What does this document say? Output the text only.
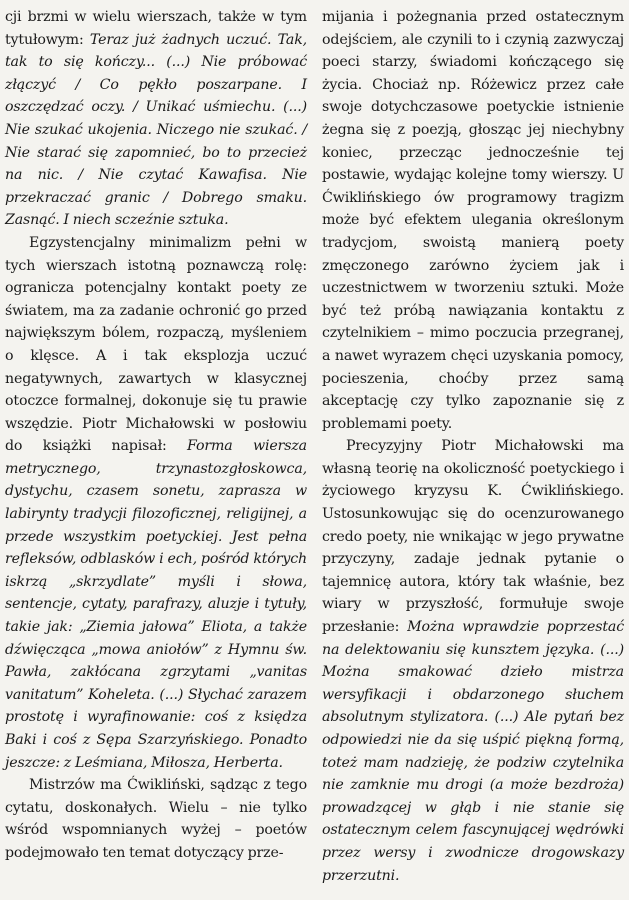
cji brzmi w wielu wierszach, także w tym tytułowym: Teraz już żadnych uczuć. Tak, tak to się kończy... (...) Nie próbować złączyć / Co pękło poszarpane. I oszczędzać oczy. / Unikać uśmiechu. (...) Nie szukać ukojenia. Niczego nie szukać. / Nie starać się zapomnieć, bo to przecież na nic. / Nie czytać Kawafisa. Nie przekraczać granic / Dobrego smaku. Zasnąć. I niech sczeźnie sztuka.

Egzystencjalny minimalizm pełni w tych wierszach istotną poznawczą rolę: ogranicza potencjalny kontakt poety ze światem, ma za zadanie ochronić go przed największym bólem, rozpaczą, myśleniem o klęsce. A i tak eksplozja uczuć negatywnych, zawartych w klasycznej otoczce formalnej, dokonuje się tu prawie wszędzie. Piotr Michałowski w posłowiu do książki napisał: Forma wiersza metrycznego, trzynastozgłoskowca, dystychu, czasem sonetu, zaprasza w labirynty tradycji filozoficznej, religijnej, a przede wszystkim poetyckiej. Jest pełna refleksów, odblasków i ech, pośród których iskrzą „skrzydlate” myśli i słowa, sentencje, cytaty, parafrazy, aluzje i tytuły, takie jak: „Ziemia jałowa” Eliota, a także dźwięcząca „mowa aniołów” z Hymnu św. Pawła, zakłócana zgrzytami „vanitas vanitatum” Koheleta. (...) Słychać zarazem prostotę i wyrafinowanie: coś z księdza Baki i coś z Sępa Szarzyńskiego. Ponadto jeszcze: z Leśmiana, Miłosza, Herberta.

Mistrzów ma Ćwikliński, sądząc z tego cytatu, doskonałych. Wielu – nie tylko wśród wspomnianych wyżej – poetów podejmowało ten temat dotyczący prze-

mijania i pożegnania przed ostatecznym odejściem, ale czynili to i czynią zazwyczaj poeci starzy, świadomi kończącego się życia. Chociaż np. Różewicz przez całe swoje dotychczasowe poetyckie istnienie żegna się z poezją, głosząc jej niechybny koniec, przecząc jednocześnie tej postawie, wydając kolejne tomy wierszy. U Ćwiklińskiego ów programowy tragizm może być efektem ulegania określonym tradycjom, swoistą manierą poety zmęczonego zarówno życiem jak i uczestnictwem w tworzeniu sztuki. Może być też próbą nawiązania kontaktu z czytelnikiem – mimo poczucia przegranej, a nawet wyrazem chęci uzyskania pomocy, pocieszenia, choćby przez samą akceptację czy tylko zapoznanie się z problemami poety.

Precyzyjny Piotr Michałowski ma własną teorię na okoliczność poetyckiego i życiowego kryzysu K. Ćwiklińskiego. Ustosunkowując się do ocenzurowanego credo poety, nie wnikając w jego prywatne przyczyny, zadaje jednak pytanie o tajemnicę autora, który tak właśnie, bez wiary w przyszłość, formułuje swoje przesłanie: Można wprawdzie poprzestać na delektowaniu się kunsztem języka. (...) Można smakować dzieło mistrza wersyfikacji i obdarzonego słuchem absolutnym stylizatora. (...) Ale pytań bez odpowiedzi nie da się uśpić piękną formą, toteż mam nadzieję, że podziw czytelnika nie zamknie mu drogi (a może bezdroża) prowadzącej w głąb i nie stanie się ostatecznym celem fascynującej wędrówki przez wersy i zwodnicze drogowskazy przerzutni.
